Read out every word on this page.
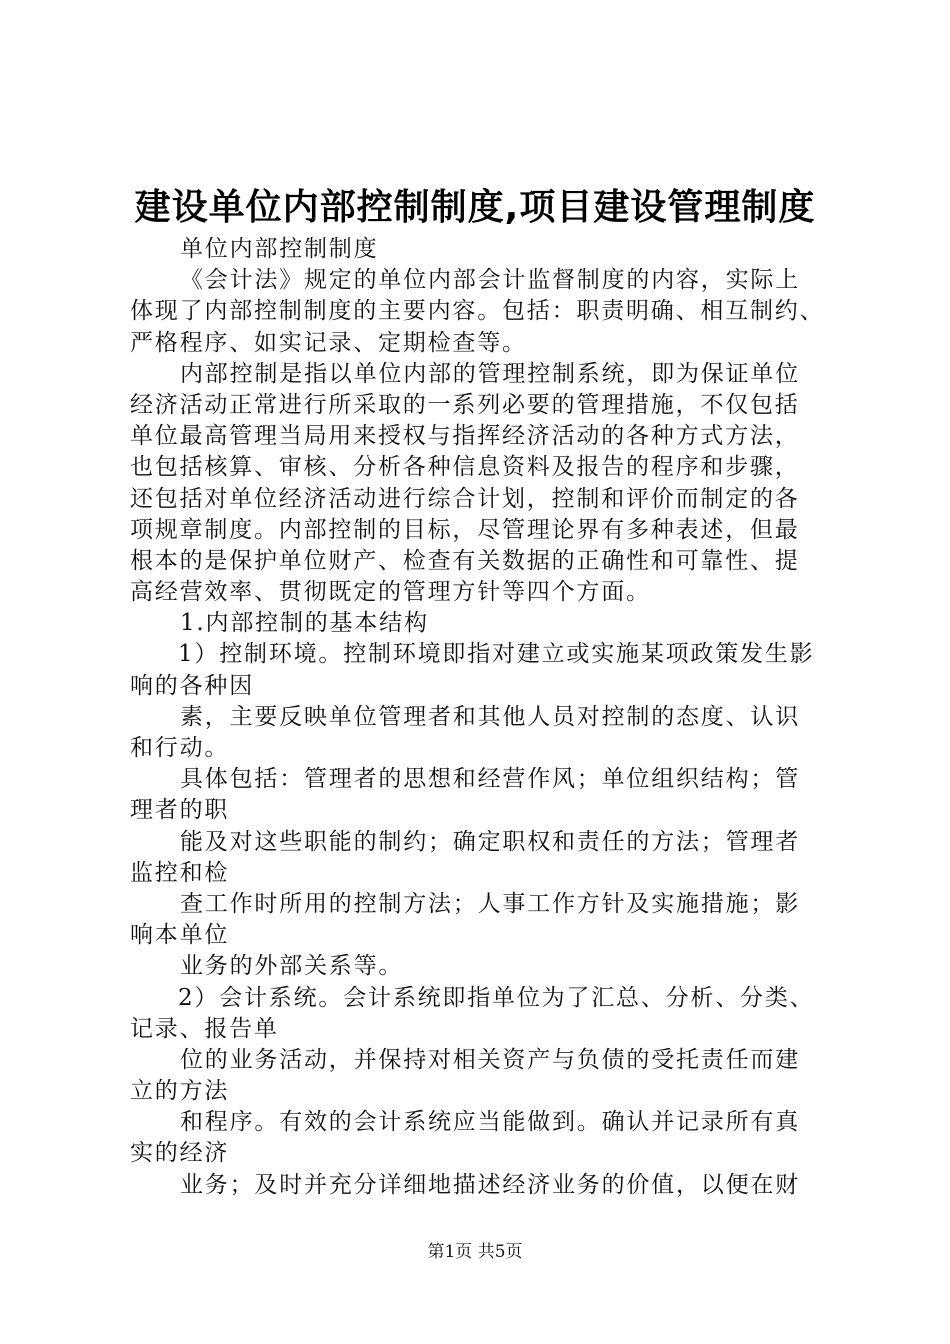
建设单位内部控制制度,项目建设管理制度
单位内部控制制度
《会计法》规定的单位内部会计监督制度的内容，实际上
体现了内部控制制度的主要内容。包括：职责明确、相互制约、
严格程序、如实记录、定期检查等。
内部控制是指以单位内部的管理控制系统，即为保证单位
经济活动正常进行所采取的一系列必要的管理措施，不仅包括
单位最高管理当局用来授权与指挥经济活动的各种方式方法，
也包括核算、审核、分析各种信息资料及报告的程序和步骤，
还包括对单位经济活动进行综合计划，控制和评价而制定的各
项规章制度。内部控制的目标，尽管理论界有多种表述，但最
根本的是保护单位财产、检查有关数据的正确性和可靠性、提
高经营效率、贯彻既定的管理方针等四个方面。
1.内部控制的基本结构
1）控制环境。控制环境即指对建立或实施某项政策发生影
响的各种因
素，主要反映单位管理者和其他人员对控制的态度、认识
和行动。
具体包括：管理者的思想和经营作风；单位组织结构；管
理者的职
能及对这些职能的制约；确定职权和责任的方法；管理者
监控和检
查工作时所用的控制方法；人事工作方针及实施措施；影
响本单位
业务的外部关系等。
2）会计系统。会计系统即指单位为了汇总、分析、分类、
记录、报告单
位的业务活动，并保持对相关资产与负债的受托责任而建
立的方法
和程序。有效的会计系统应当能做到。确认并记录所有真
实的经济
业务；及时并充分详细地描述经济业务的价值，以便在财
第1页 共5页
